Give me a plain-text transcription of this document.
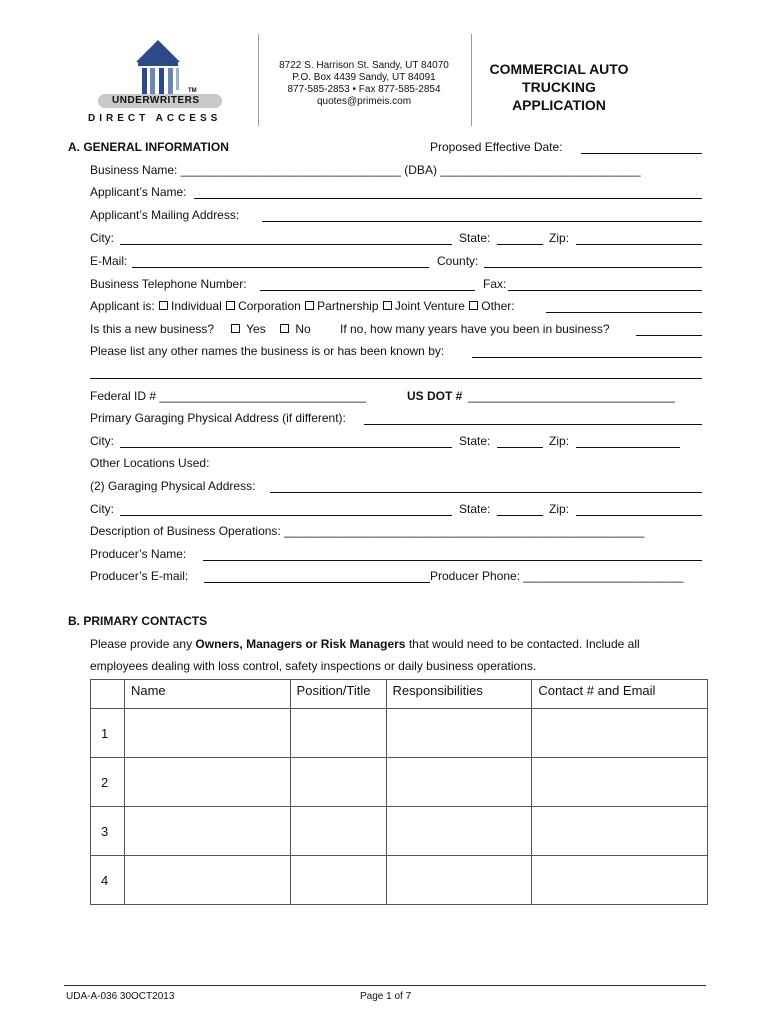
TM
UNDERWRITERS
DIRECT ACCESS
8722 S. Harrison St. Sandy, UT 84070
P.O. Box 4439 Sandy, UT 84091
877-585-2853 • Fax 877-585-2854
quotes@primeis.com
COMMERCIAL AUTO
TRUCKING
APPLICATION
A. GENERAL INFORMATION	Proposed Effective Date:
Business Name: _________________________________ (DBA) ______________________________
Applicant’s Name:
Applicant’s Mailing Address:
City:	State:	Zip:
E-Mail:	County:
Business Telephone Number:	Fax:
Applicant is: Individual Corporation Partnership Joint Venture Other:
Is this a new business?	Yes No If no, how many years have you been in business?
Please list any other names the business is or has been known by:
Federal ID # _______________________________	US DOT # _______________________________
Primary Garaging Physical Address (if different):
City:	State:	Zip:
Other Locations Used:
(2) Garaging Physical Address:
City:	State:	Zip:
Description of Business Operations: ______________________________________________________
Producer’s Name:
Producer’s E-mail:	Producer Phone: ________________________
B. PRIMARY CONTACTS
Please provide any Owners, Managers or Risk Managers that would need to be contacted. Include all
employees dealing with loss control, safety inspections or daily business operations.
	Name	Position/Title	Responsibilities	Contact # and Email
1				
2				
3				
4				
UDA-A-036 30OCT2013	Page 1 of 7
